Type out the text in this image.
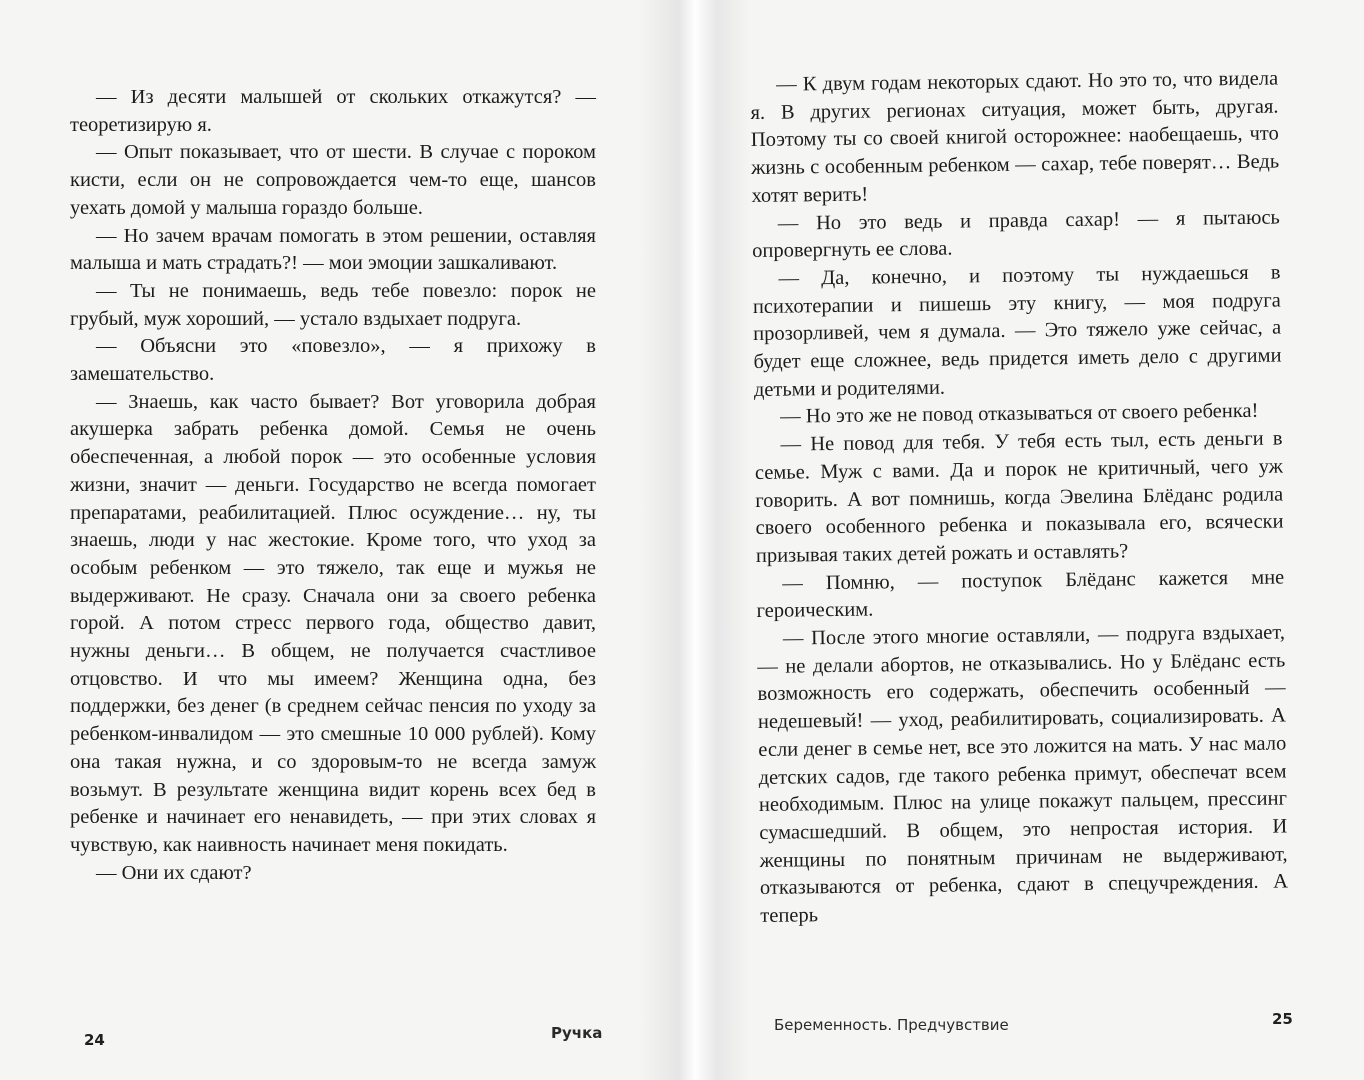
— Из десяти малышей от скольких откажутся? — теоретизирую я.

— Опыт показывает, что от шести. В случае с пороком кисти, если он не сопровождается чем-то еще, шансов уехать домой у малыша гораздо больше.

— Но зачем врачам помогать в этом решении, оставляя малыша и мать страдать?! — мои эмоции зашкаливают.

— Ты не понимаешь, ведь тебе повезло: порок не грубый, муж хороший, — устало вздыхает подруга.

— Объясни это «повезло», — я прихожу в замешательство.

— Знаешь, как часто бывает? Вот уговорила добрая акушерка забрать ребенка домой. Семья не очень обеспеченная, а любой порок — это особенные условия жизни, значит — деньги. Государство не всегда помогает препаратами, реабилитацией. Плюс осуждение… ну, ты знаешь, люди у нас жестокие. Кроме того, что уход за особым ребенком — это тяжело, так еще и мужья не выдерживают. Не сразу. Сначала они за своего ребенка горой. А потом стресс первого года, общество давит, нужны деньги… В общем, не получается счастливое отцовство. И что мы имеем? Женщина одна, без поддержки, без денег (в среднем сейчас пенсия по уходу за ребенком-инвалидом — это смешные 10 000 рублей). Кому она такая нужна, и со здоровым-то не всегда замуж возьмут. В результате женщина видит корень всех бед в ребенке и начинает его ненавидеть, — при этих словах я чувствую, как наивность начинает меня покидать.

— Они их сдают?

24	Ручка

— К двум годам некоторых сдают. Но это то, что видела я. В других регионах ситуация, может быть, другая. Поэтому ты со своей книгой осторожнее: наобещаешь, что жизнь с особенным ребенком — сахар, тебе поверят… Ведь хотят верить!

— Но это ведь и правда сахар! — я пытаюсь опровергнуть ее слова.

— Да, конечно, и поэтому ты нуждаешься в психотерапии и пишешь эту книгу, — моя подруга прозорливей, чем я думала. — Это тяжело уже сейчас, а будет еще сложнее, ведь придется иметь дело с другими детьми и родителями.

— Но это же не повод отказываться от своего ребенка!

— Не повод для тебя. У тебя есть тыл, есть деньги в семье. Муж с вами. Да и порок не критичный, чего уж говорить. А вот помнишь, когда Эвелина Блёданс родила своего особенного ребенка и показывала его, всячески призывая таких детей рожать и оставлять?

— Помню, — поступок Блёданс кажется мне героическим.

— После этого многие оставляли, — подруга вздыхает, — не делали абортов, не отказывались. Но у Блёданс есть возможность его содержать, обеспечить особенный — недешевый! — уход, реабилитировать, социализировать. А если денег в семье нет, все это ложится на мать. У нас мало детских садов, где такого ребенка примут, обеспечат всем необходимым. Плюс на улице покажут пальцем, прессинг сумасшедший. В общем, это непростая история. И женщины по понятным причинам не выдерживают, отказываются от ребенка, сдают в спецучреждения. А теперь

Беременность. Предчувствие	25
